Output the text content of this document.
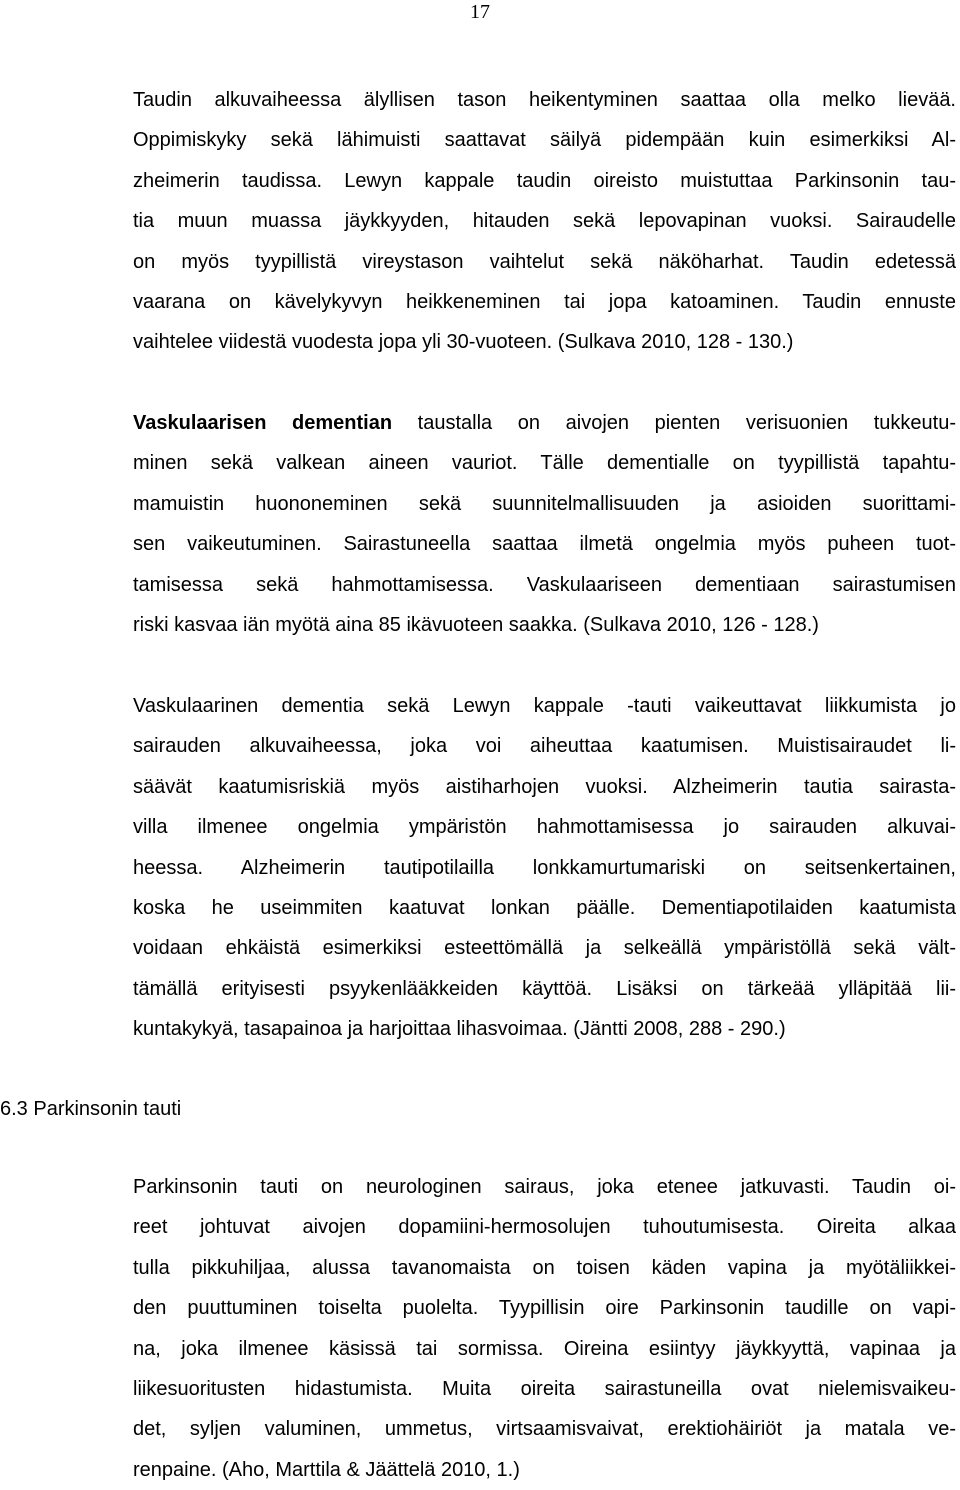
17

Taudin alkuvaiheessa älyllisen tason heikentyminen saattaa olla melko lievää.
Oppimiskyky sekä lähimuisti saattavat säilyä pidempään kuin esimerkiksi Al-
zheimerin taudissa. Lewyn kappale taudin oireisto muistuttaa Parkinsonin tau-
tia muun muassa jäykkyyden, hitauden sekä lepovapinan vuoksi. Sairaudelle
on myös tyypillistä vireystason vaihtelut sekä näköharhat. Taudin edetessä
vaarana on kävelykyvyn heikkeneminen tai jopa katoaminen. Taudin ennuste
vaihtelee viidestä vuodesta jopa yli 30-vuoteen. (Sulkava 2010, 128 - 130.)

Vaskulaarisen dementian taustalla on aivojen pienten verisuonien tukkeutu-
minen sekä valkean aineen vauriot. Tälle dementialle on tyypillistä tapahtu-
mamuistin huononeminen sekä suunnitelmallisuuden ja asioiden suorittami-
sen vaikeutuminen. Sairastuneella saattaa ilmetä ongelmia myös puheen tuot-
tamisessa sekä hahmottamisessa. Vaskulaariseen dementiaan sairastumisen
riski kasvaa iän myötä aina 85 ikävuoteen saakka. (Sulkava 2010, 126 - 128.)

Vaskulaarinen dementia sekä Lewyn kappale -tauti vaikeuttavat liikkumista jo
sairauden alkuvaiheessa, joka voi aiheuttaa kaatumisen. Muistisairaudet li-
säävät kaatumisriskiä myös aistiharhojen vuoksi. Alzheimerin tautia sairasta-
villa ilmenee ongelmia ympäristön hahmottamisessa jo sairauden alkuvai-
heessa. Alzheimerin tautipotilailla lonkkamurtumariski on seitsenkertainen,
koska he useimmiten kaatuvat lonkan päälle. Dementiapotilaiden kaatumista
voidaan ehkäistä esimerkiksi esteettömällä ja selkeällä ympäristöllä sekä vält-
tämällä erityisesti psyykenlääkkeiden käyttöä. Lisäksi on tärkeää ylläpitää lii-
kuntakykyä, tasapainoa ja harjoittaa lihasvoimaa. (Jäntti 2008, 288 - 290.)

6.3 Parkinsonin tauti

Parkinsonin tauti on neurologinen sairaus, joka etenee jatkuvasti. Taudin oi-
reet johtuvat aivojen dopamiini-hermosolujen tuhoutumisesta. Oireita alkaa
tulla pikkuhiljaa, alussa tavanomaista on toisen käden vapina ja myötäliikkei-
den puuttuminen toiselta puolelta. Tyypillisin oire Parkinsonin taudille on vapi-
na, joka ilmenee käsissä tai sormissa. Oireina esiintyy jäykkyyttä, vapinaa ja
liikesuoritusten hidastumista. Muita oireita sairastuneilla ovat nielemisvaikeu-
det, syljen valuminen, ummetus, virtsaamisvaivat, erektiohäiriöt ja matala ve-
renpaine. (Aho, Marttila & Jäättelä 2010, 1.)
